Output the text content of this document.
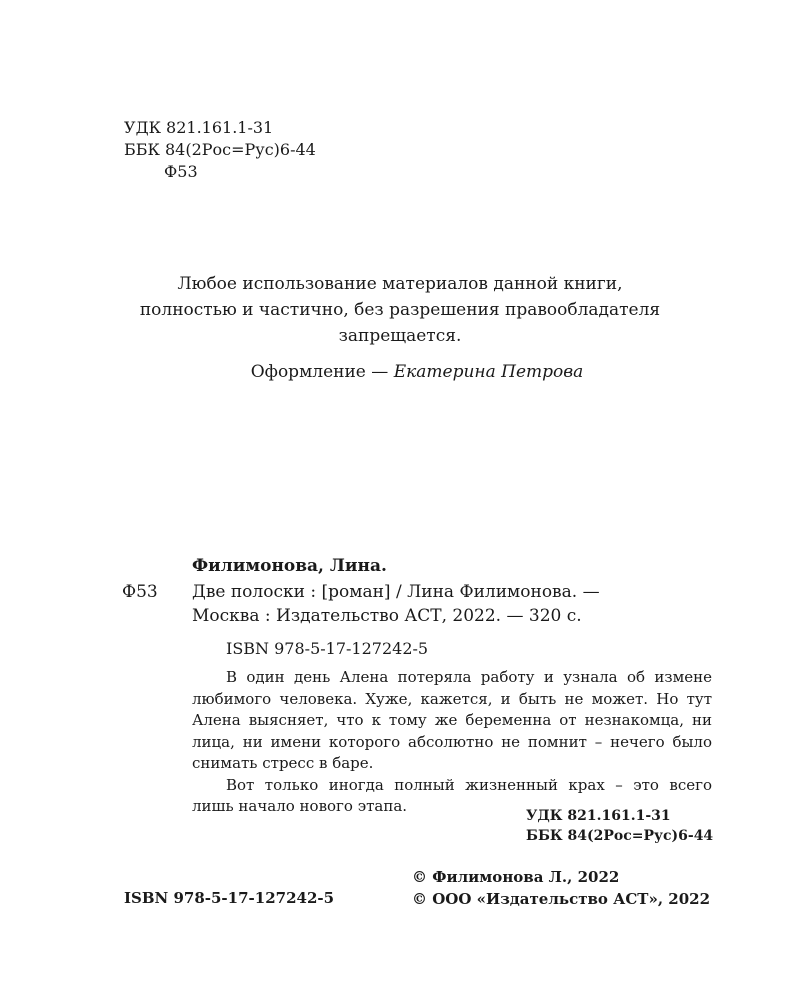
УДК 821.161.1-31
ББК 84(2Рос=Рус)6-44
Ф53
Любое использование материалов данной книги,
полностью и частично, без разрешения правообладателя
запрещается.
Оформление — Екатерина Петрова
Филимонова, Лина.
Ф53 Две полоски : [роман] / Лина Филимонова. —
Москва : Издательство АСТ, 2022. — 320 с.
ISBN 978-5-17-127242-5

В один день Алена потеряла работу и узнала об измене любимого человека. Хуже, кажется, и быть не может. Но тут Алена выясняет, что к тому же беременна от незнакомца, ни лица, ни имени которого абсолютно не помнит – нечего было снимать стресс в баре.

Вот только иногда полный жизненный крах – это всего лишь начало нового этапа.

УДК 821.161.1-31
ББК 84(2Рос=Рус)6-44
© Филимонова Л., 2022
© ООО «Издательство АСТ», 2022
ISBN 978-5-17-127242-5
